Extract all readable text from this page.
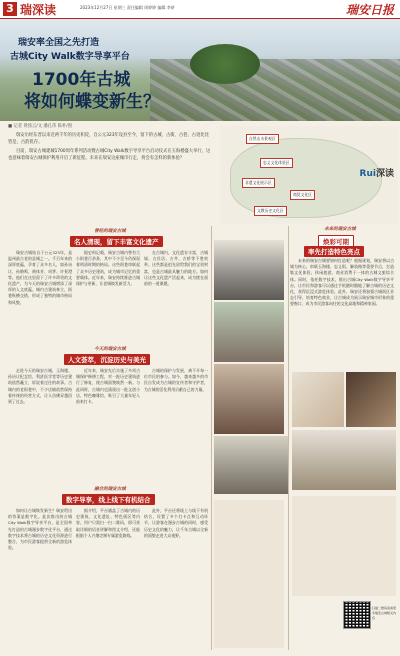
3 瑞深读	2023年12月27日 星期三 责任编辑 周婷婷 编辑 李妍	瑞安日报
瑞安率全国之先打造
古城City Walk数字导享平台
1700年古城
将如何蝶变新生？

■ 记者 黄扬云/文 潘孔伟 陈朴/图

瑞安历经东晋以来近两千年的历史积淀，自公元323年设县至今，留下的古城、古街、古巷、古迹比比皆是，古韵犹存。

目前，瑞安古城建城1700周年系列活动暨古城City Walk数字导享平台启动仪式在玉海楼盛大举行，这也意味着瑞安古城保护利用开启了新征程。未来在瑞安这座城市行走，将会有怎样的新体验？

自然山水景观区
忠义文化体验区
非遗文化展示区
商贸文化区
文教历史文化区
Rui深读
曾经的瑞安古城
名人清现，留下丰富文化遗产

瑞安古城始自于公元323年，是温州最古老的县城之一。千百年来的深厚底蕴，孕育了众多名人，如孙诒让、孙锵鸣、黄体芳、项霁、许景澄等。他们在这里留下了许多珍贵的文化遗产，为今天的瑞安古城增添了深厚的人文底蕴。城内古建筑林立，街巷纵横交错，形成了独特的城市格局和风貌。

据史料记载，瑞安古城内曾有大小街巷百余条，其中不少至今仍保留着明清时期的格局。这些街巷串联起了众多历史建筑，成为城市记忆的重要载体。近年来，瑞安持续推进古城保护与更新，让老城焕发新活力。

在古城内，文化遗存丰富，古城墙、古民居、古井、古桥等不胜枚举。这些都是祖先留给我们的宝贵财富，也是古城最具魅力的地方。如何让这些文化遗产活起来，成为摆在面前的一道课题。

未来的瑞安古城
焕彩可期
率先打造特色亮点

未来的瑞安古城要如何打造呢？根据规划，瑞安将以古城为核心，串联玉海楼、忠义街、解放路等重要节点，打造集文化体验、休闲旅游、商业消费于一体的古城文旅综合体。同时，依托数字技术，推出古城City Walk数字导享平台，让市民和游客可以通过手机随时随地了解古城的历史文化，获得沉浸式游览体验。此外，瑞安还将加强古城街区业态引导，培育特色商业，让古城成为展示瑞安城市形象的重要窗口，成为市民游客向往的文化高地和精神家园。

今天的瑞安古城
人文荟萃，沉淀历史与美光

走进今天的瑞安古城，玉海楼、孙诒让纪念馆、利济医学堂等历史建筑依然矗立，诉说着过往的故事。古城内的老街巷中，不少店铺依然保持着传统的经营方式，让人仿佛穿越回到了过去。

近年来，瑞安先后实施了多项古城保护修缮工程，对一批历史建筑进行了修复，使古城面貌焕然一新。与此同时，古城内也涌现出一批文创小店、特色咖啡馆，吸引了大量年轻人前来打卡。

古城的保护与发展，离不开每一位市民的参与。如今，越来越多的市民自发成为古城的宣传者和守护者，为古城的活化利用贡献自己的力量。

融合的瑞安古城
数字导享，线上线下有机结合

如何让古城焕发新生？瑞安给出的答案是数字化。此次推出的古城City Walk数字导享平台，是全国率先打造的古城漫步数字化平台，通过数字技术将古城的历史文化资源进行整合，为市民游客提供全新的游览体验。

据介绍，平台涵盖了古城内的历史建筑、文化遗址、特色街区等内容，用户只需扫一扫二维码，即可获取详细的语音讲解和图文介绍，还能根据个人兴趣定制专属游览路线。

此外，平台还将线上与线下有机结合，设置了多个打卡点和互动环节，让游客在漫步古城的同时，感受历史文化的魅力，让千年古城以全新的面貌走进大众视野。

扫描二维码查看更多瑞安古城相关内容
